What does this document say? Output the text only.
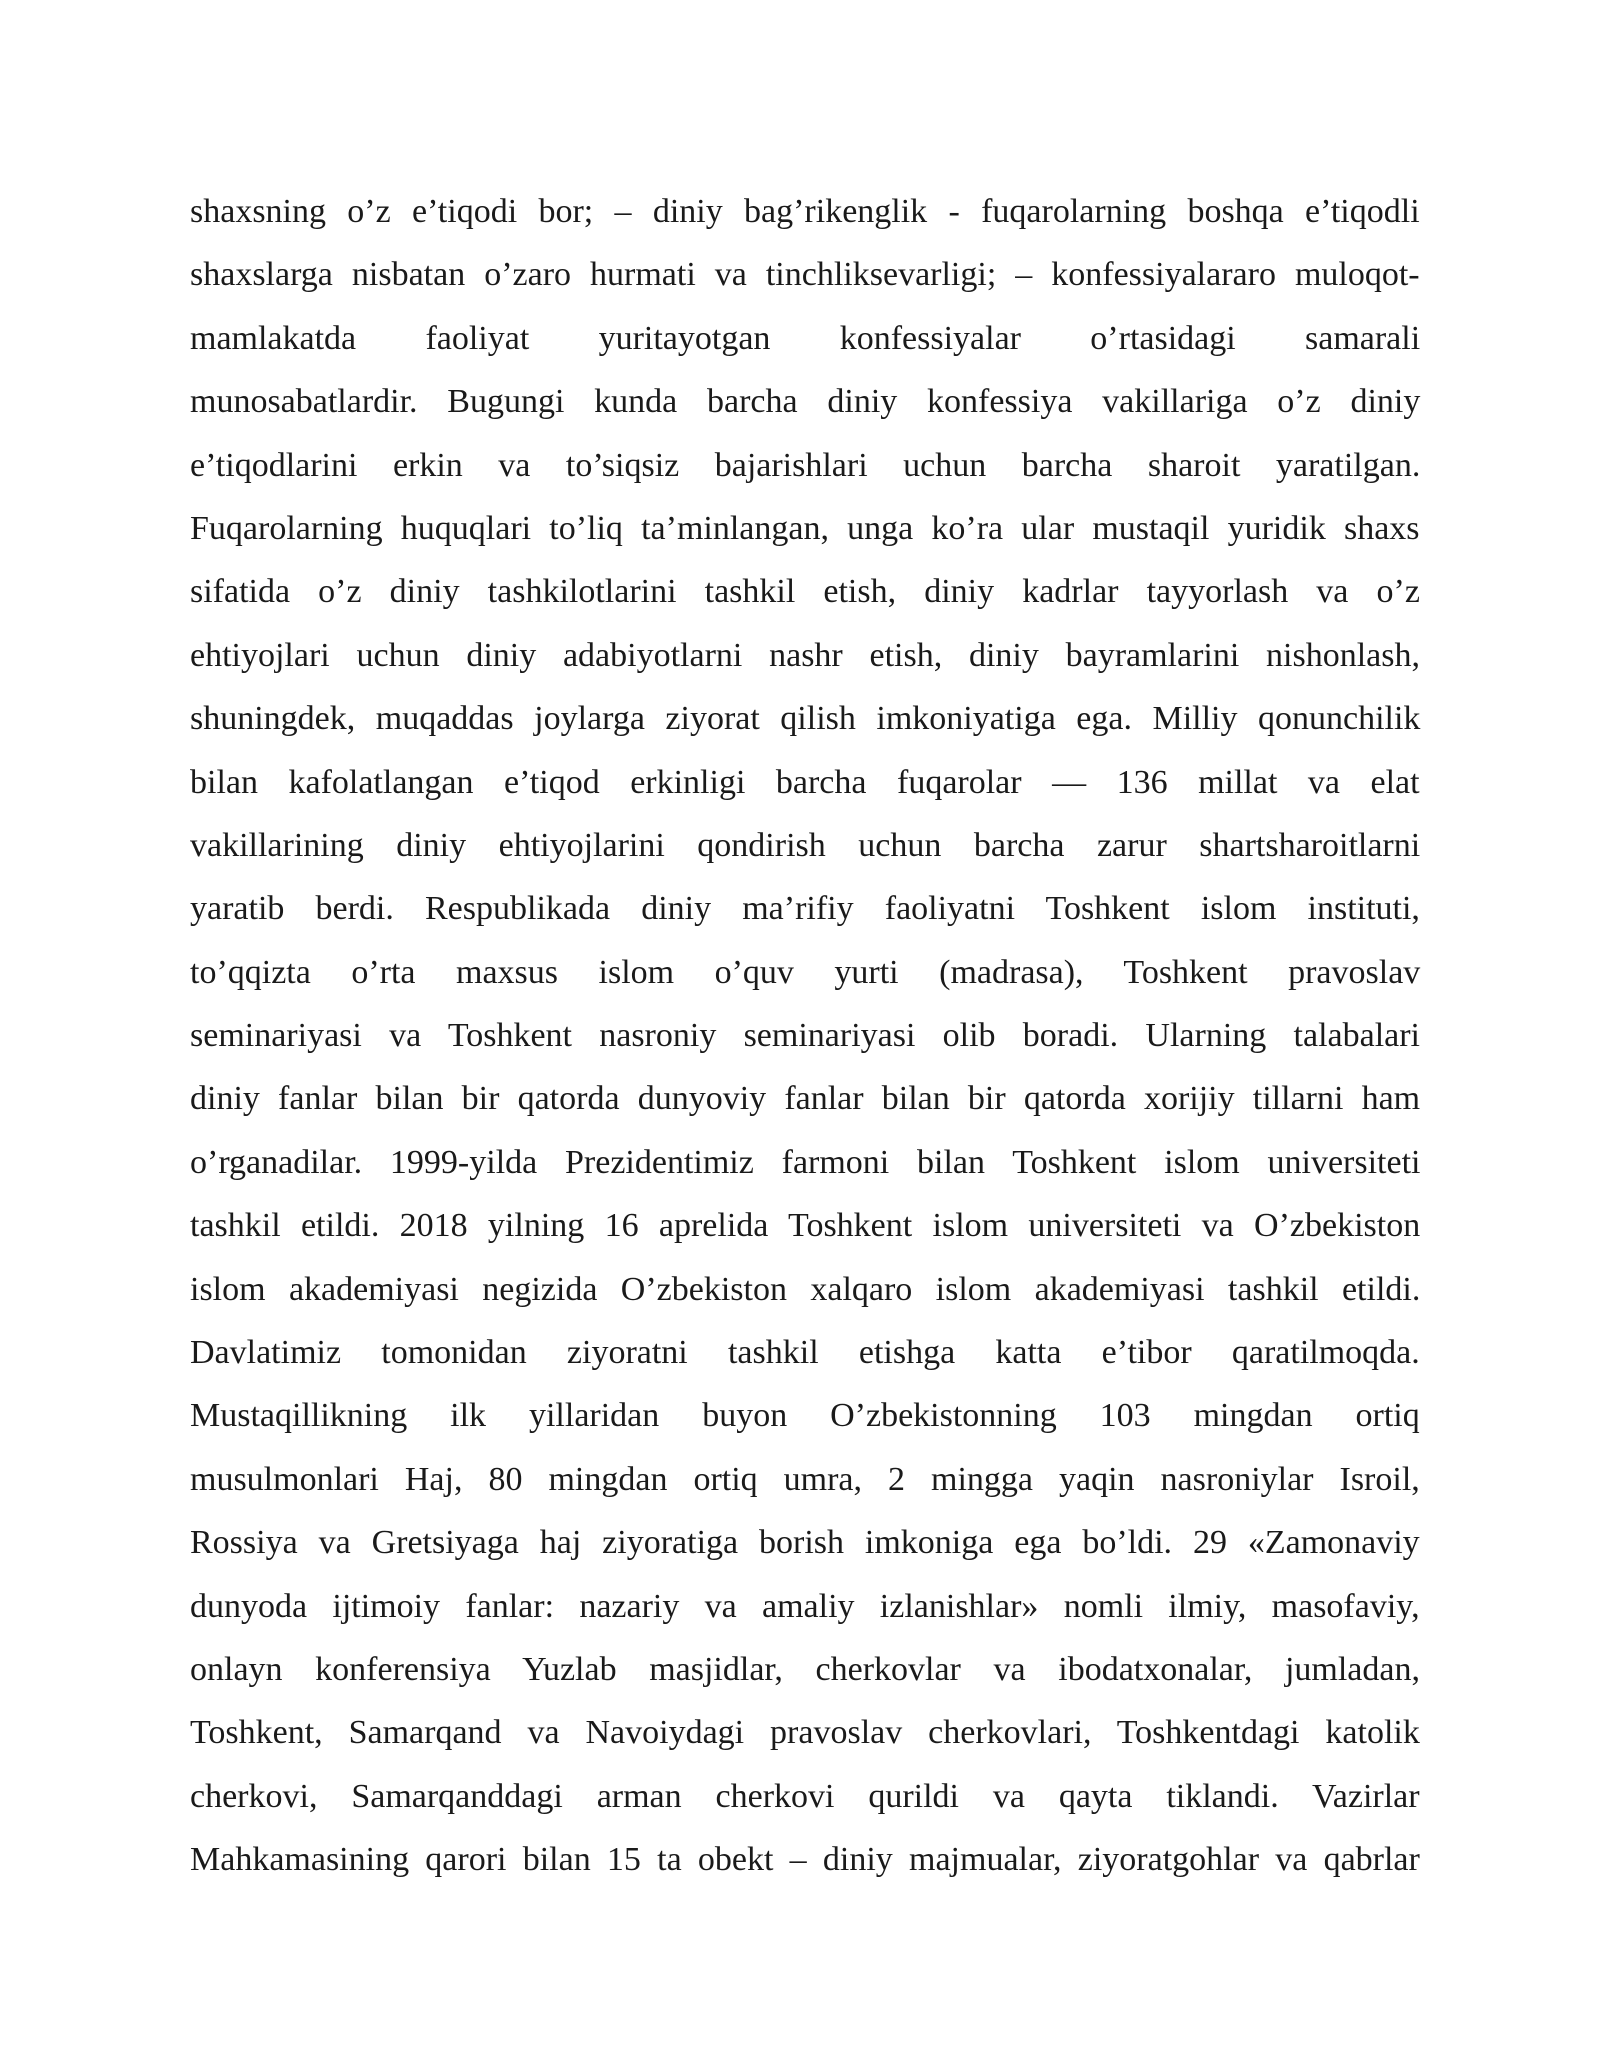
shaxsning o’z e’tiqodi bor; – diniy bag’rikenglik - fuqarolarning boshqa e’tiqodli
shaxslarga nisbatan o’zaro hurmati va tinchliksevarligi; – konfessiyalararo muloqot-
mamlakatda faoliyat yuritayotgan konfessiyalar o’rtasidagi samarali
munosabatlardir. Bugungi kunda barcha diniy konfessiya vakillariga o’z diniy
e’tiqodlarini erkin va to’siqsiz bajarishlari uchun barcha sharoit yaratilgan.
Fuqarolarning huquqlari to’liq ta’minlangan, unga ko’ra ular mustaqil yuridik shaxs
sifatida o’z diniy tashkilotlarini tashkil etish, diniy kadrlar tayyorlash va o’z
ehtiyojlari uchun diniy adabiyotlarni nashr etish, diniy bayramlarini nishonlash,
shuningdek, muqaddas joylarga ziyorat qilish imkoniyatiga ega. Milliy qonunchilik
bilan kafolatlangan e’tiqod erkinligi barcha fuqarolar — 136 millat va elat
vakillarining diniy ehtiyojlarini qondirish uchun barcha zarur shartsharoitlarni
yaratib berdi. Respublikada diniy ma’rifiy faoliyatni Toshkent islom instituti,
to’qqizta o’rta maxsus islom o’quv yurti (madrasa), Toshkent pravoslav
seminariyasi va Toshkent nasroniy seminariyasi olib boradi. Ularning talabalari
diniy fanlar bilan bir qatorda dunyoviy fanlar bilan bir qatorda xorijiy tillarni ham
o’rganadilar. 1999-yilda Prezidentimiz farmoni bilan Toshkent islom universiteti
tashkil etildi. 2018 yilning 16 aprelida Toshkent islom universiteti va O’zbekiston
islom akademiyasi negizida O’zbekiston xalqaro islom akademiyasi tashkil etildi.
Davlatimiz tomonidan ziyoratni tashkil etishga katta e’tibor qaratilmoqda.
Mustaqillikning ilk yillaridan buyon O’zbekistonning 103 mingdan ortiq
musulmonlari Haj, 80 mingdan ortiq umra, 2 mingga yaqin nasroniylar Isroil,
Rossiya va Gretsiyaga haj ziyoratiga borish imkoniga ega bo’ldi. 29 «Zamonaviy
dunyoda ijtimoiy fanlar: nazariy va amaliy izlanishlar» nomli ilmiy, masofaviy,
onlayn konferensiya Yuzlab masjidlar, cherkovlar va ibodatxonalar, jumladan,
Toshkent, Samarqand va Navoiydagi pravoslav cherkovlari, Toshkentdagi katolik
cherkovi, Samarqanddagi arman cherkovi qurildi va qayta tiklandi. Vazirlar
Mahkamasining qarori bilan 15 ta obekt – diniy majmualar, ziyoratgohlar va qabrlar
